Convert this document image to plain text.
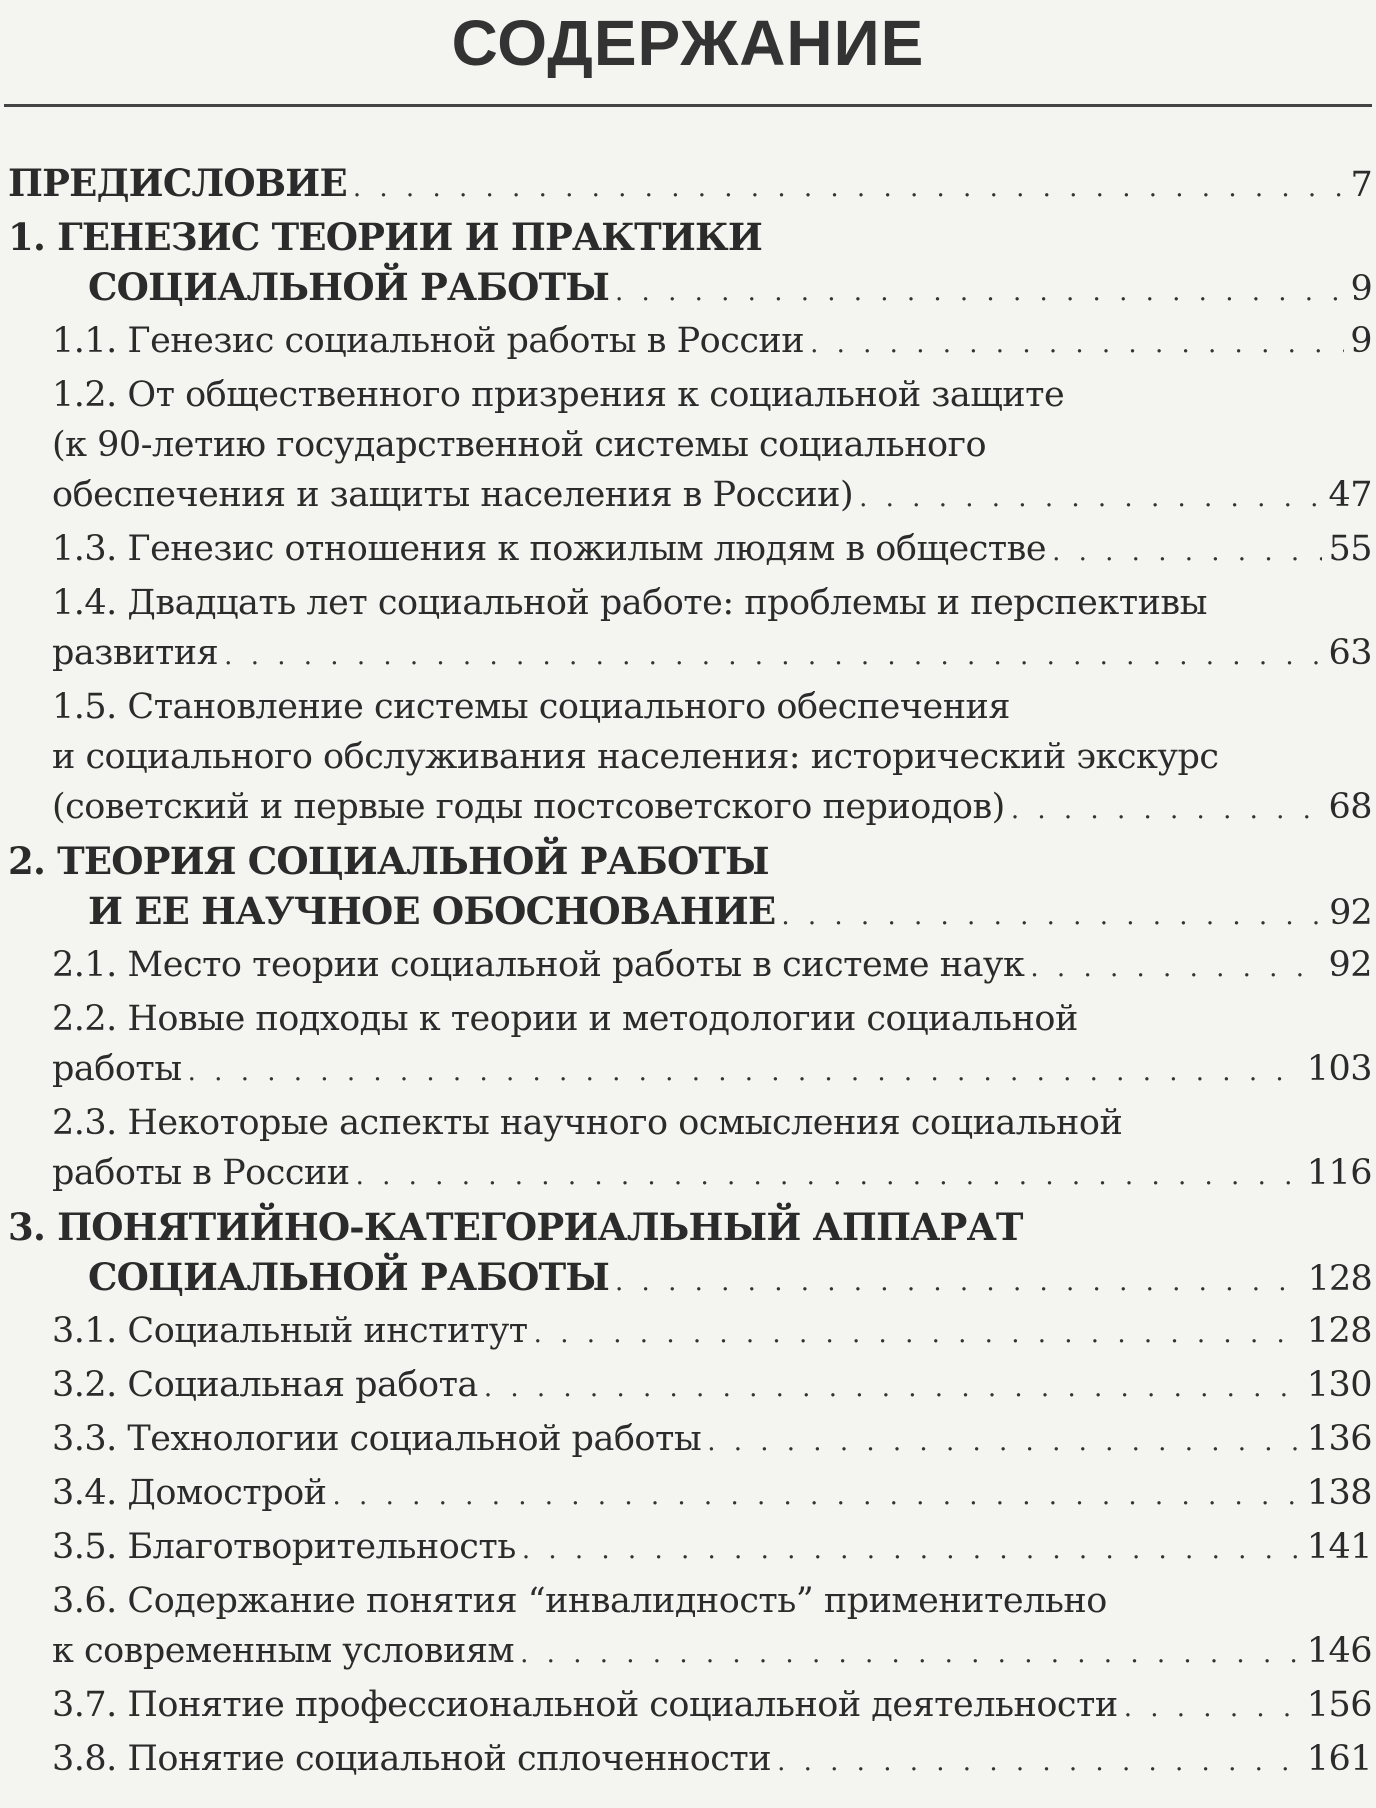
СОДЕРЖАНИЕ
ПРЕДИСЛОВИЕ . . .	7
1. ГЕНЕЗИС ТЕОРИИ И ПРАКТИКИ
СОЦИАЛЬНОЙ РАБОТЫ . . .	9
1.1. Генезис социальной работы в России . . .	9
1.2. От общественного призрения к социальной защите
(к 90-летию государственной системы социального
обеспечения и защиты населения в России) . . .	47
1.3. Генезис отношения к пожилым людям в обществе . . .	55
1.4. Двадцать лет социальной работе: проблемы и перспективы
развития . . .	63
1.5. Становление системы социального обеспечения
и социального обслуживания населения: исторический экскурс
(советский и первые годы постсоветского периодов) . . .	68
2. ТЕОРИЯ СОЦИАЛЬНОЙ РАБОТЫ
И ЕЕ НАУЧНОЕ ОБОСНОВАНИЕ . . .	92
2.1. Место теории социальной работы в системе наук . . .	92
2.2. Новые подходы к теории и методологии социальной
работы . . .	103
2.3. Некоторые аспекты научного осмысления социальной
работы в России . . .	116
3. ПОНЯТИЙНО-КАТЕГОРИАЛЬНЫЙ АППАРАТ
СОЦИАЛЬНОЙ РАБОТЫ . . .	128
3.1. Социальный институт . . .	128
3.2. Социальная работа . . .	130
3.3. Технологии социальной работы . . .	136
3.4. Домострой . . .	138
3.5. Благотворительность . . .	141
3.6. Содержание понятия “инвалидность” применительно
к современным условиям . . .	146
3.7. Понятие профессиональной социальной деятельности . . .	156
3.8. Понятие социальной сплоченности . . .	161
